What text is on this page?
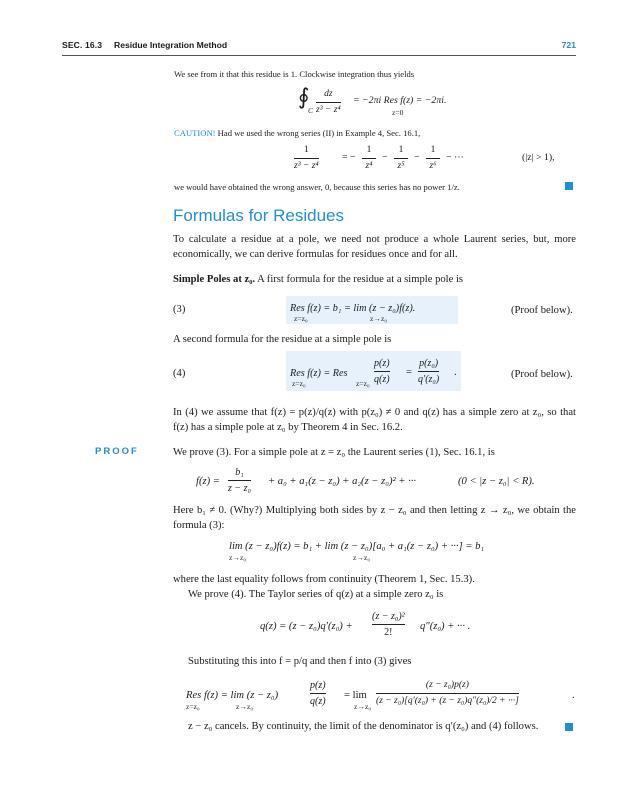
SEC. 16.3 Residue Integration Method	721
We see from it that this residue is 1. Clockwise integration thus yields
∮
C
dz
z³ − z⁴
= −2πi Res f(z) = −2πi.
z=0
CAUTION! Had we used the wrong series (II) in Example 4, Sec. 16.1,
1
z³ − z⁴
= −
1
z⁴
−
1
z⁵
−
1
z⁶
− ···	(|z| > 1),
we would have obtained the wrong answer, 0, because this series has no power 1/z.
Formulas for Residues
To calculate a residue at a pole, we need not produce a whole Laurent series, but, more economically, we can derive formulas for residues once and for all.
Simple Poles at z₀. A first formula for the residue at a simple pole is
(3)	Res f(z) = b₁ = lim (z − z₀)f(z).
z=z₀	z→z₀
(Proof below).
A second formula for the residue at a simple pole is
(4)	Res f(z) = Res
z=z₀	z=z₀
p(z)
q(z)
=
p(z₀)
q′(z₀)
.	(Proof below).
In (4) we assume that f(z) = p(z)/q(z) with p(z₀) ≠ 0 and q(z) has a simple zero at z₀, so that f(z) has a simple pole at z₀ by Theorem 4 in Sec. 16.2.
PROOF	We prove (3). For a simple pole at z = z₀ the Laurent series (1), Sec. 16.1, is
f(z) =
b₁
z − z₀
+ a₀ + a₁(z − z₀) + a₂(z − z₀)² + ···	(0 < |z − z₀| < R).
Here b₁ ≠ 0. (Why?) Multiplying both sides by z − z₀ and then letting z → z₀, we obtain the formula (3):
lim (z − z₀)f(z) = b₁ + lim (z − z₀)[a₀ + a₁(z − z₀) + ···] = b₁
z→z₀	z→z₀
where the last equality follows from continuity (Theorem 1, Sec. 15.3).
We prove (4). The Taylor series of q(z) at a simple zero z₀ is
q(z) = (z − z₀)q′(z₀) +
(z − z₀)²
2!
q″(z₀) + ··· .
Substituting this into f = p/q and then f into (3) gives
Res f(z) = lim (z − z₀)
z=z₀	z→z₀
p(z)
q(z)
= lim
z→z₀
(z − z₀)p(z)
(z − z₀)[q′(z₀) + (z − z₀)q″(z₀)/2 + ···]	.
z − z₀ cancels. By continuity, the limit of the denominator is q′(z₀) and (4) follows.
